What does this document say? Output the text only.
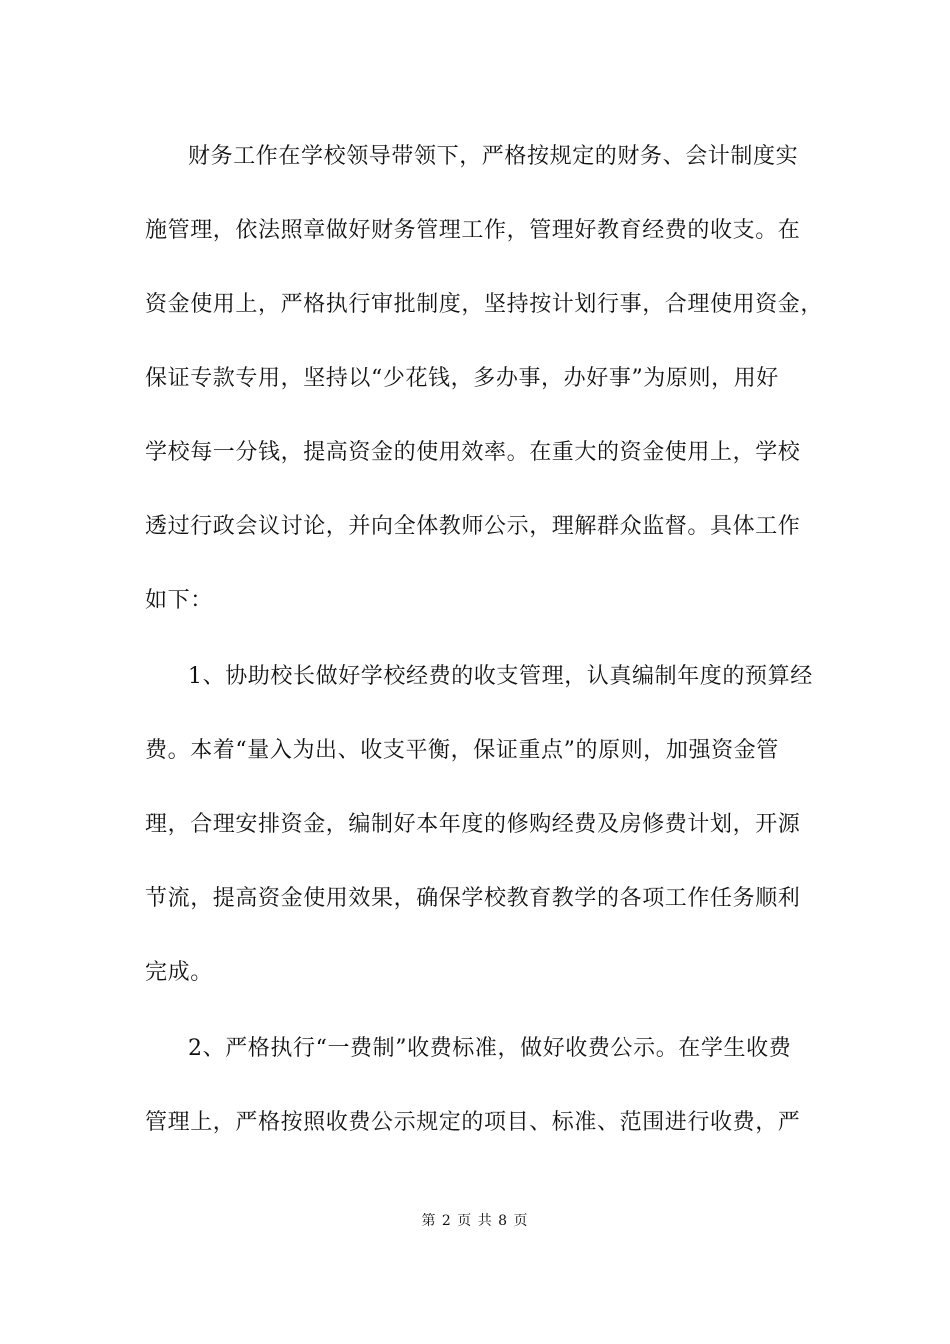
财务工作在学校领导带领下，严格按规定的财务、会计制度实
施管理，依法照章做好财务管理工作，管理好教育经费的收支。在
资金使用上，严格执行审批制度，坚持按计划行事，合理使用资金，
保证专款专用，坚持以“少花钱，多办事，办好事”为原则，用好
学校每一分钱，提高资金的使用效率。在重大的资金使用上，学校
透过行政会议讨论，并向全体教师公示，理解群众监督。具体工作
如下：
1、协助校长做好学校经费的收支管理，认真编制年度的预算经
费。本着“量入为出、收支平衡，保证重点”的原则，加强资金管
理，合理安排资金，编制好本年度的修购经费及房修费计划，开源
节流，提高资金使用效果，确保学校教育教学的各项工作任务顺利
完成。
2、严格执行“一费制”收费标准，做好收费公示。在学生收费
管理上，严格按照收费公示规定的项目、标准、范围进行收费，严
第 2 页 共 8 页
